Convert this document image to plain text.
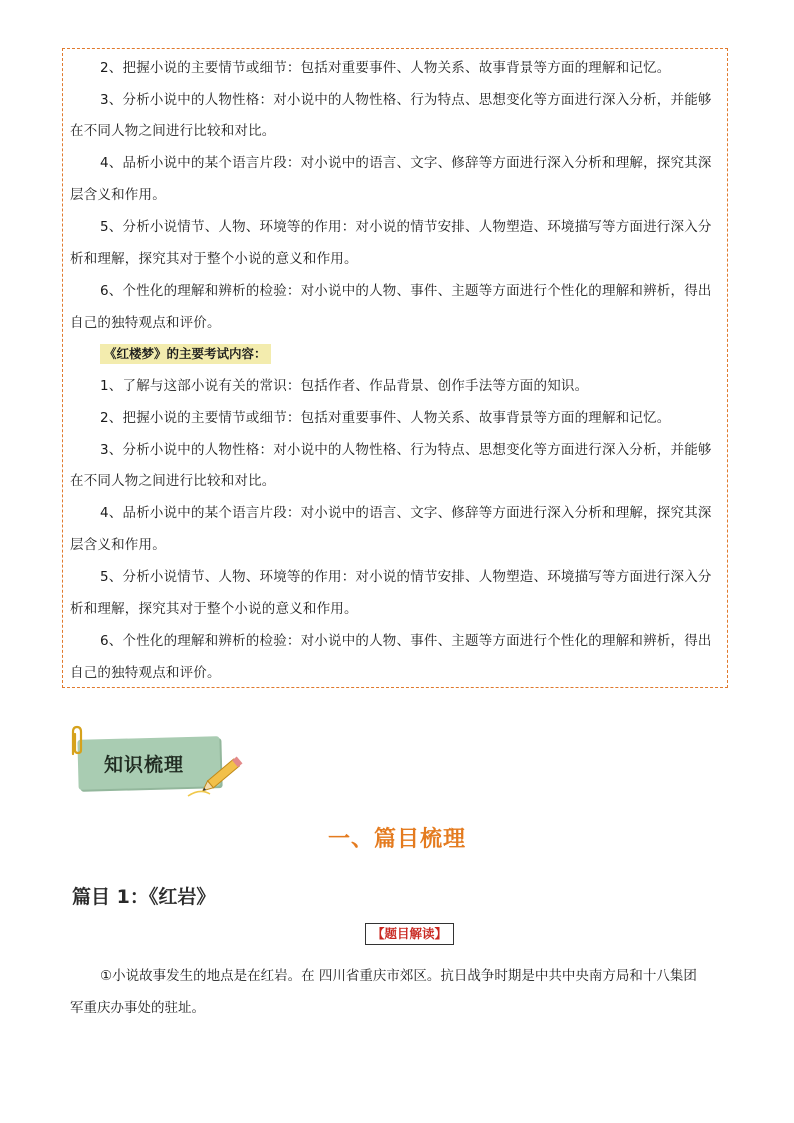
2、把握小说的主要情节或细节：包括对重要事件、人物关系、故事背景等方面的理解和记忆。
3、分析小说中的人物性格：对小说中的人物性格、行为特点、思想变化等方面进行深入分析，并能够
在不同人物之间进行比较和对比。
4、品析小说中的某个语言片段：对小说中的语言、文字、修辞等方面进行深入分析和理解，探究其深
层含义和作用。
5、分析小说情节、人物、环境等的作用：对小说的情节安排、人物塑造、环境描写等方面进行深入分
析和理解，探究其对于整个小说的意义和作用。
6、个性化的理解和辨析的检验：对小说中的人物、事件、主题等方面进行个性化的理解和辨析，得出
自己的独特观点和评价。
《红楼梦》的主要考试内容：
1、了解与这部小说有关的常识：包括作者、作品背景、创作手法等方面的知识。
2、把握小说的主要情节或细节：包括对重要事件、人物关系、故事背景等方面的理解和记忆。
3、分析小说中的人物性格：对小说中的人物性格、行为特点、思想变化等方面进行深入分析，并能够
在不同人物之间进行比较和对比。
4、品析小说中的某个语言片段：对小说中的语言、文字、修辞等方面进行深入分析和理解，探究其深
层含义和作用。
5、分析小说情节、人物、环境等的作用：对小说的情节安排、人物塑造、环境描写等方面进行深入分
析和理解，探究其对于整个小说的意义和作用。
6、个性化的理解和辨析的检验：对小说中的人物、事件、主题等方面进行个性化的理解和辨析，得出
自己的独特观点和评价。
知识梳理
一、篇目梳理
篇目 1：《红岩》
【题目解读】
①小说故事发生的地点是在红岩。在 四川省重庆市郊区。抗日战争时期是中共中央南方局和十八集团
军重庆办事处的驻址。
